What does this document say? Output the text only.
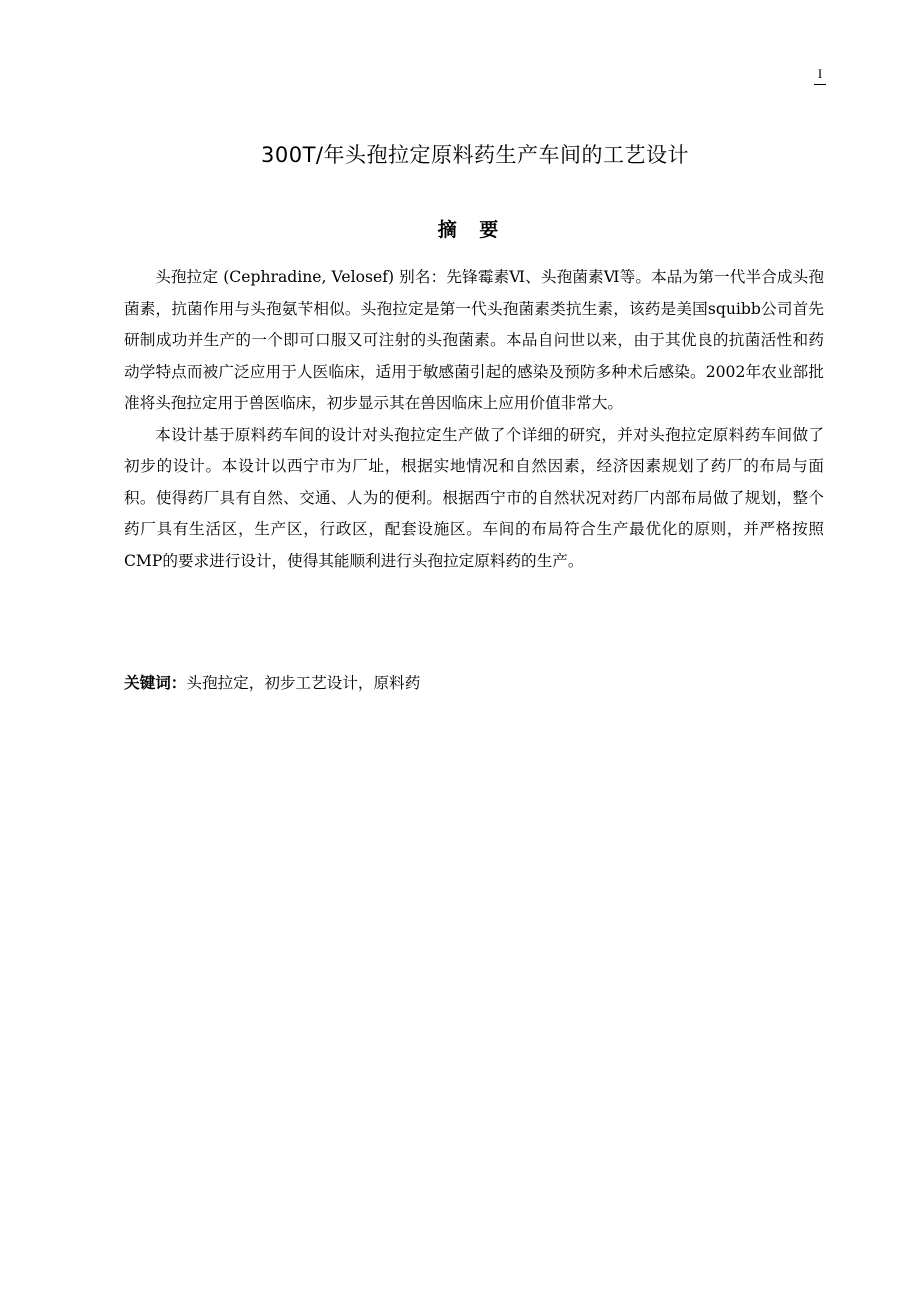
I
300T/年头孢拉定原料药生产车间的工艺设计
摘 要

头孢拉定 (Cephradine, Velosef) 别名：先锋霉素Ⅵ、头孢菌素Ⅵ等。本品为第一代半合成头孢菌素，抗菌作用与头孢氨苄相似。头孢拉定是第一代头孢菌素类抗生素，该药是美国squibb公司首先研制成功并生产的一个即可口服又可注射的头孢菌素。本品自问世以来，由于其优良的抗菌活性和药动学特点而被广泛应用于人医临床，适用于敏感菌引起的感染及预防多种术后感染。2002年农业部批准将头孢拉定用于兽医临床，初步显示其在兽因临床上应用价值非常大。

本设计基于原料药车间的设计对头孢拉定生产做了个详细的研究，并对头孢拉定原料药车间做了初步的设计。本设计以西宁市为厂址，根据实地情况和自然因素，经济因素规划了药厂的布局与面积。使得药厂具有自然、交通、人为的便利。根据西宁市的自然状况对药厂内部布局做了规划，整个药厂具有生活区，生产区，行政区，配套设施区。车间的布局符合生产最优化的原则，并严格按照CMP的要求进行设计，使得其能顺利进行头孢拉定原料药的生产。

关键词：头孢拉定，初步工艺设计，原料药
